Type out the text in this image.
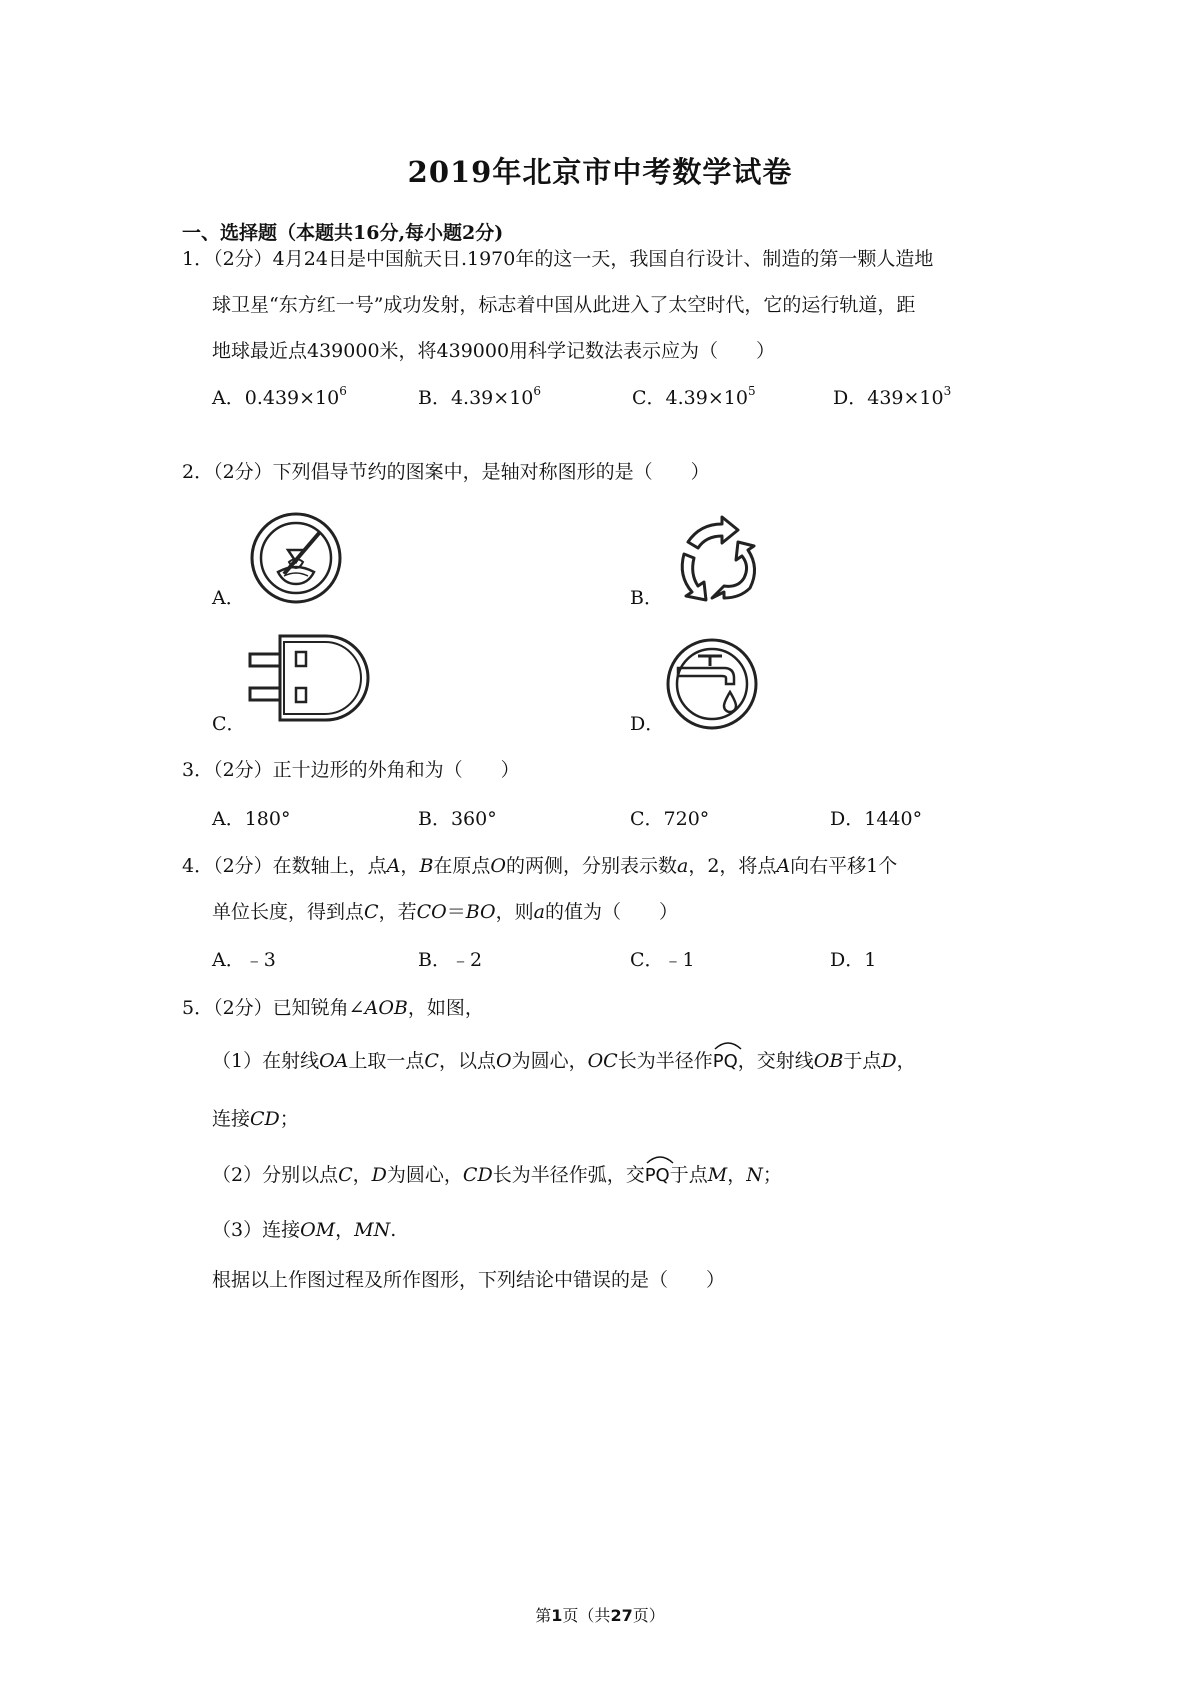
2019年北京市中考数学试卷
一、选择题（本题共16分,每小题2分)
1．（2分）4月24日是中国航天日.1970年的这一天，我国自行设计、制造的第一颗人造地
球卫星“东方红一号”成功发射，标志着中国从此进入了太空时代，它的运行轨道，距
地球最近点439000米，将439000用科学记数法表示应为（　　）
A．$0.439\times 10^6$	B．$4.39\times 10^6$	C．$4.39\times 10^5$	D．$439\times 10^3$
2．（2分）下列倡导节约的图案中，是轴对称图形的是（　　）
A．	B．
C．	D．
3．（2分）正十边形的外角和为（　　）
A．180°	B．360°	C．720°	D．1440°
4．（2分）在数轴上，点A，B在原点O的两侧，分别表示数a，2，将点A向右平移1个
单位长度，得到点C，若CO＝BO，则a的值为（　　）
A．﹣3	B．﹣2	C．﹣1	D．1
5．（2分）已知锐角∠AOB，如图，
（1）在射线OA上取一点C，以点O为圆心，OC长为半径作
PQ，交射线OB于点D，
连接CD；
（2）分别以点C，D为圆心，CD长为半径作弧，交
PQ于点M，N；
（3）连接OM，MN.
根据以上作图过程及所作图形，下列结论中错误的是（　　）
第1页（共27页）
